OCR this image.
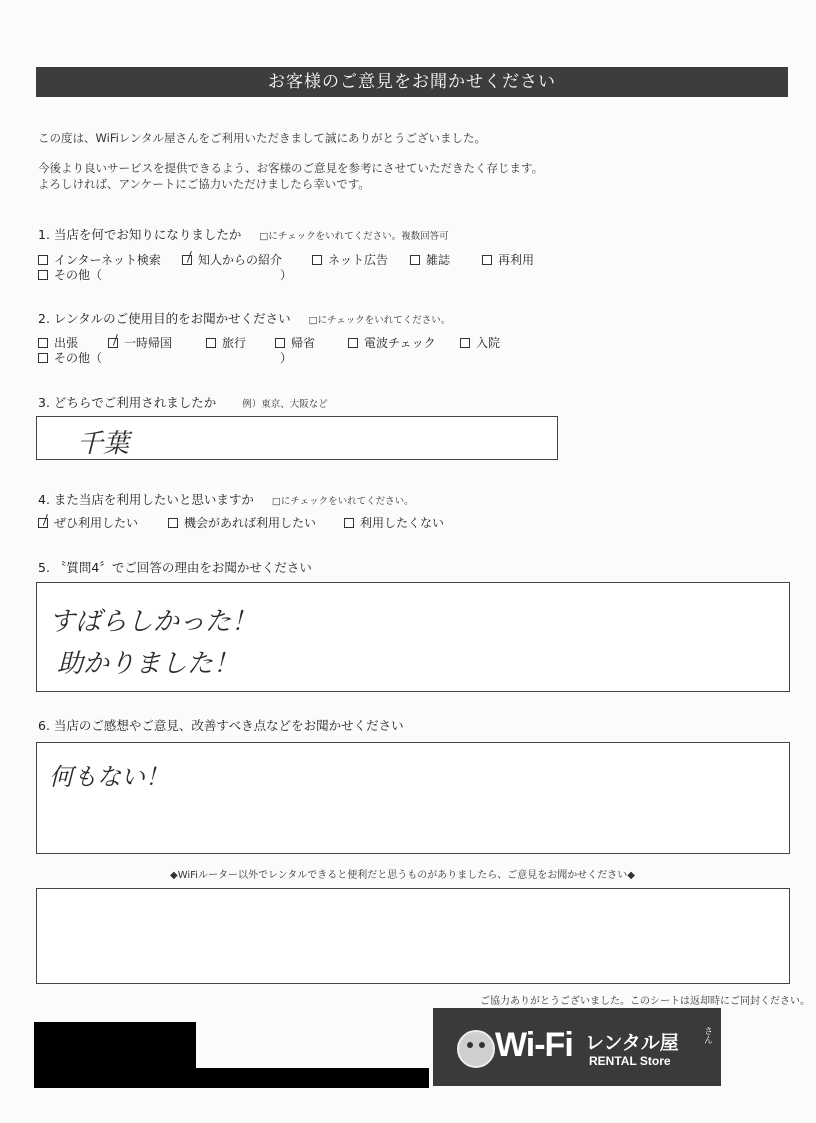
お客様のご意見をお聞かせください
この度は、WiFiレンタル屋さんをご利用いただきまして誠にありがとうございました。
今後より良いサービスを提供できるよう、お客様のご意見を参考にさせていただきたく存じます。
よろしければ、アンケートにご協力いただけましたら幸いです。
1. 当店を何でお知りになりましたか □にチェックをいれてください。複数回答可
インターネット検索	知人からの紹介	ネット広告	雑誌	再利用
その他（	）
2. レンタルのご使用目的をお聞かせください □にチェックをいれてください。
出張	一時帰国	旅行	帰省	電波チェック	入院
その他（	）
3. どちらでご利用されましたか	例）東京、大阪など
千葉
4. また当店を利用したいと思いますか □にチェックをいれてください。
ぜひ利用したい	機会があれば利用したい	利用したくない
5. 〝質問4〞でご回答の理由をお聞かせください
すばらしかった！
助かりました！
6. 当店のご感想やご意見、改善すべき点などをお聞かせください
何もない！
◆WiFiルーター以外でレンタルできると便利だと思うものがありましたら、ご意見をお聞かせください◆
ご協力ありがとうございました。このシートは返却時にご同封ください。
Wi-Fi レンタル屋	さん
RENTAL Store
